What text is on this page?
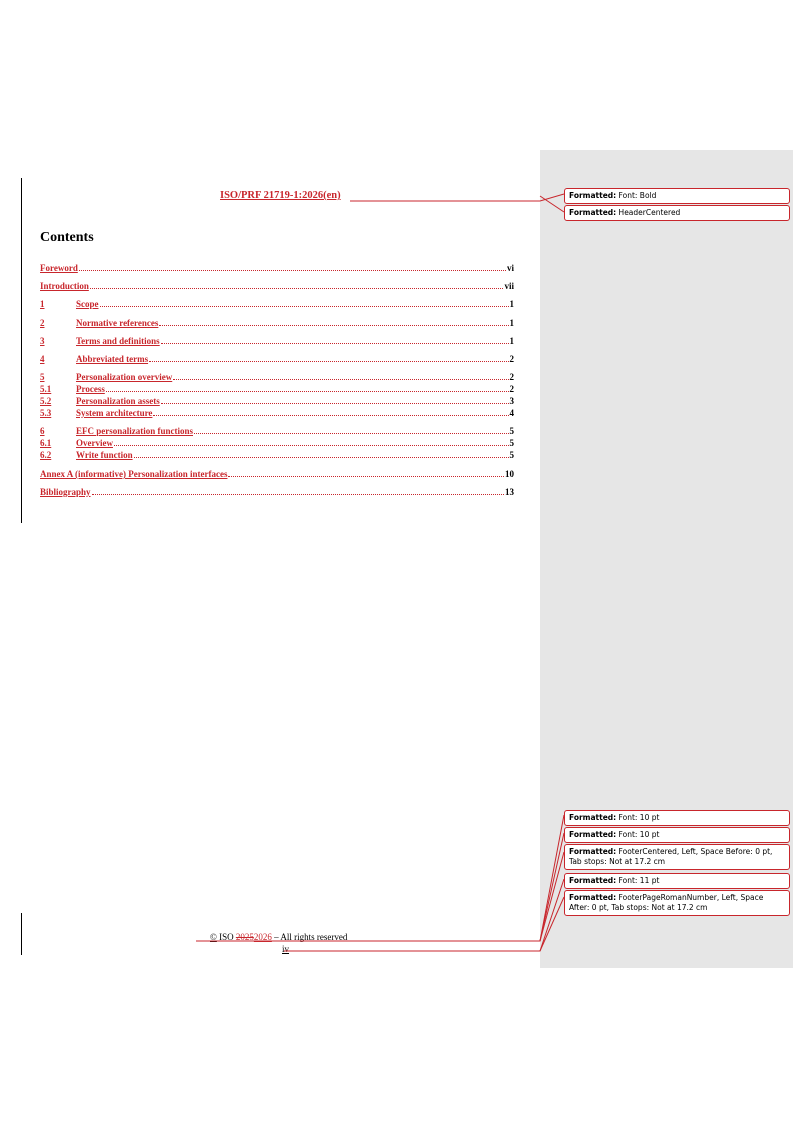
ISO/PRF 21719-1:2026(en)
Contents
Foreword	vi
Introduction	vii
1	Scope	1
2	Normative references	1
3	Terms and definitions	1
4	Abbreviated terms	2
5	Personalization overview	2
5.1	Process	2
5.2	Personalization assets	3
5.3	System architecture	4
6	EFC personalization functions	5
6.1	Overview	5
6.2	Write function	5
Annex A (informative) Personalization interfaces	10
Bibliography	13
© ISO 20252026 – All rights reserved
iv
Formatted: Font: Bold
Formatted: HeaderCentered
Formatted: Font: 10 pt
Formatted: Font: 10 pt
Formatted: FooterCentered, Left, Space Before: 0 pt, Tab stops: Not at 17.2 cm
Formatted: Font: 11 pt
Formatted: FooterPageRomanNumber, Left, Space After: 0 pt, Tab stops: Not at 17.2 cm
